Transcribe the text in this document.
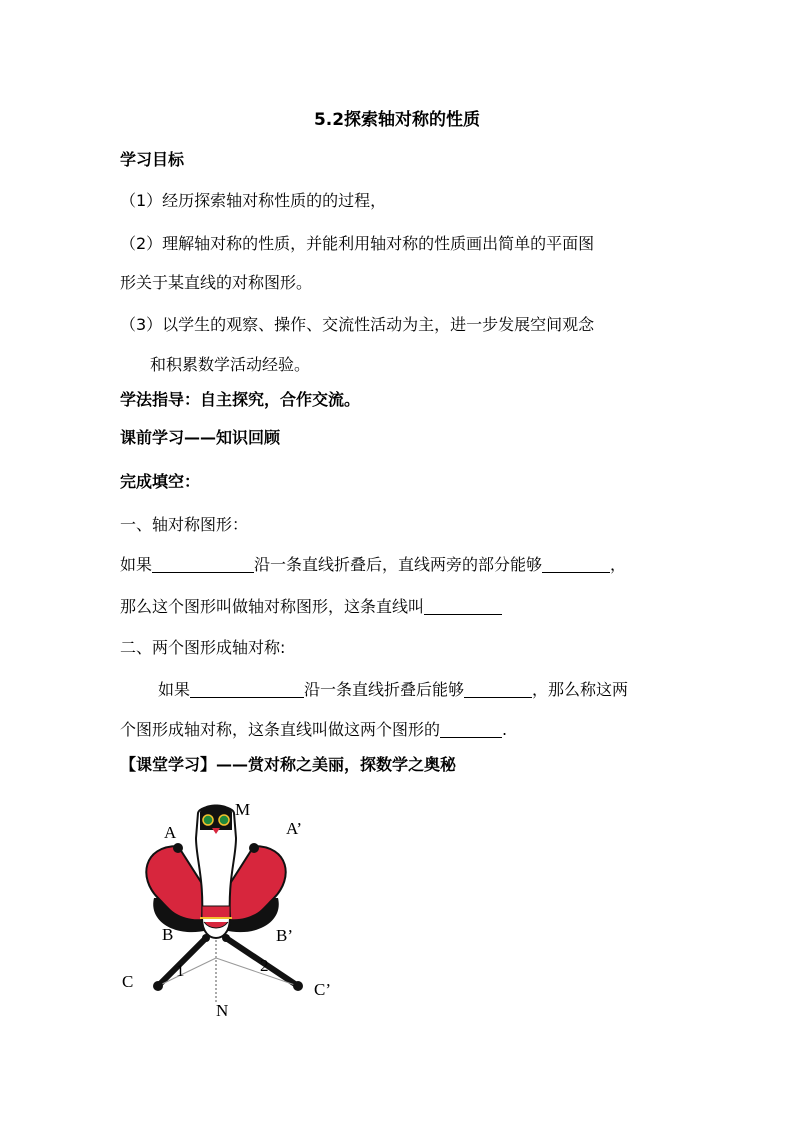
5.2探索轴对称的性质
学习目标
（1）经历探索轴对称性质的的过程，
（2）理解轴对称的性质，并能利用轴对称的性质画出简单的平面图
形关于某直线的对称图形。
（3）以学生的观察、操作、交流性活动为主，进一步发展空间观念
和积累数学活动经验。
学法指导：自主探究，合作交流。
课前学习——知识回顾
完成填空：
一、轴对称图形：
如果	沿一条直线折叠后，直线两旁的部分能够	，
那么这个图形叫做轴对称图形，这条直线叫
二、两个图形成轴对称:
如果	沿一条直线折叠后能够	，那么称这两
个图形成轴对称，这条直线叫做这两个图形的	.
【课堂学习】——赏对称之美丽，探数学之奥秘
M
A	A’
B	B’
C	C’
N
1	2
